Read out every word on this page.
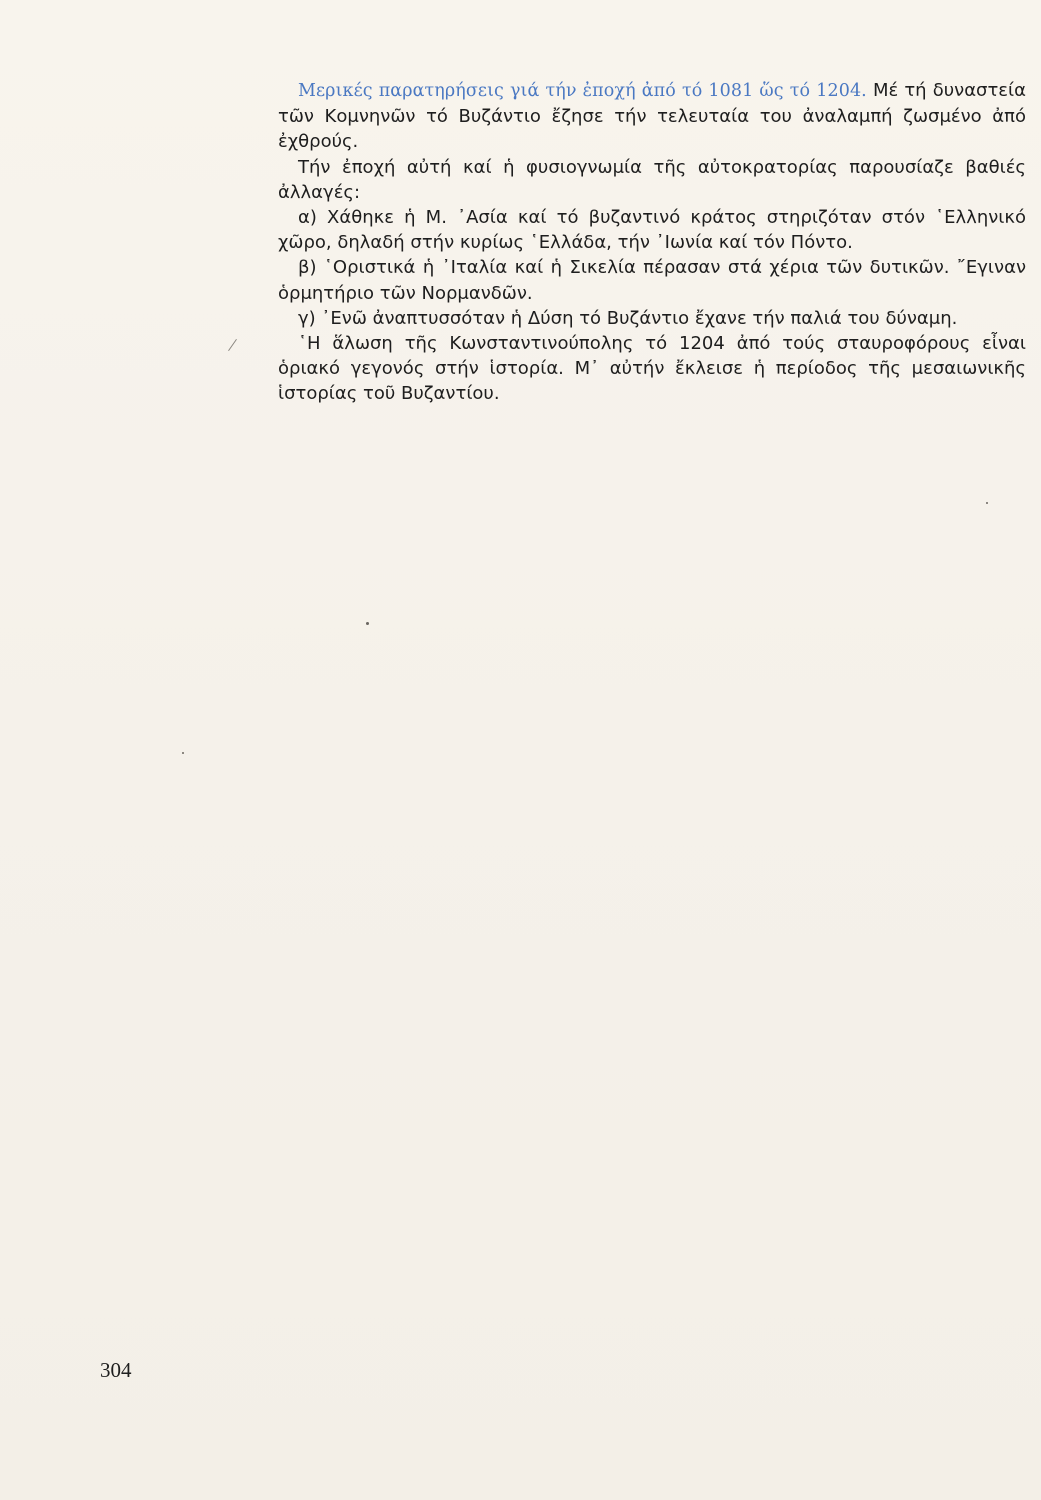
Μερικές παρατηρήσεις γιά τήν ἐποχή ἀπό τό 1081 ὥς τό 1204. Μέ τή δυναστεία τῶν Κομνηνῶν τό Βυζάντιο ἔζησε τήν τελευταία του ἀναλαμπή ζωσμένο ἀπό ἐχθρούς.

Τήν ἐποχή αὐτή καί ἡ φυσιογνωμία τῆς αὐτοκρατορίας παρουσίαζε βαθιές ἀλλαγές:

α) Χάθηκε ἡ Μ. ᾿Ασία καί τό βυζαντινό κράτος στηριζόταν στόν ῾Ελληνικό χῶρο, δηλαδή στήν κυρίως ῾Ελλάδα, τήν ᾿Ιωνία καί τόν Πόντο.

β) ῾Οριστικά ἡ ᾿Ιταλία καί ἡ Σικελία πέρασαν στά χέρια τῶν δυτικῶν. ῎Εγιναν ὁρμητήριο τῶν Νορμανδῶν.

γ) ᾿Ενῶ ἀναπτυσσόταν ἡ Δύση τό Βυζάντιο ἔχανε τήν παλιά του δύναμη.

῾Η ἅλωση τῆς Κωνσταντινούπολης τό 1204 ἀπό τούς σταυροφόρους εἶναι ὁριακό γεγονός στήν ἱστορία. Μ᾿ αὐτήν ἔκλεισε ἡ περίοδος τῆς μεσαιωνικῆς ἱστορίας τοῦ Βυζαντίου.

304
